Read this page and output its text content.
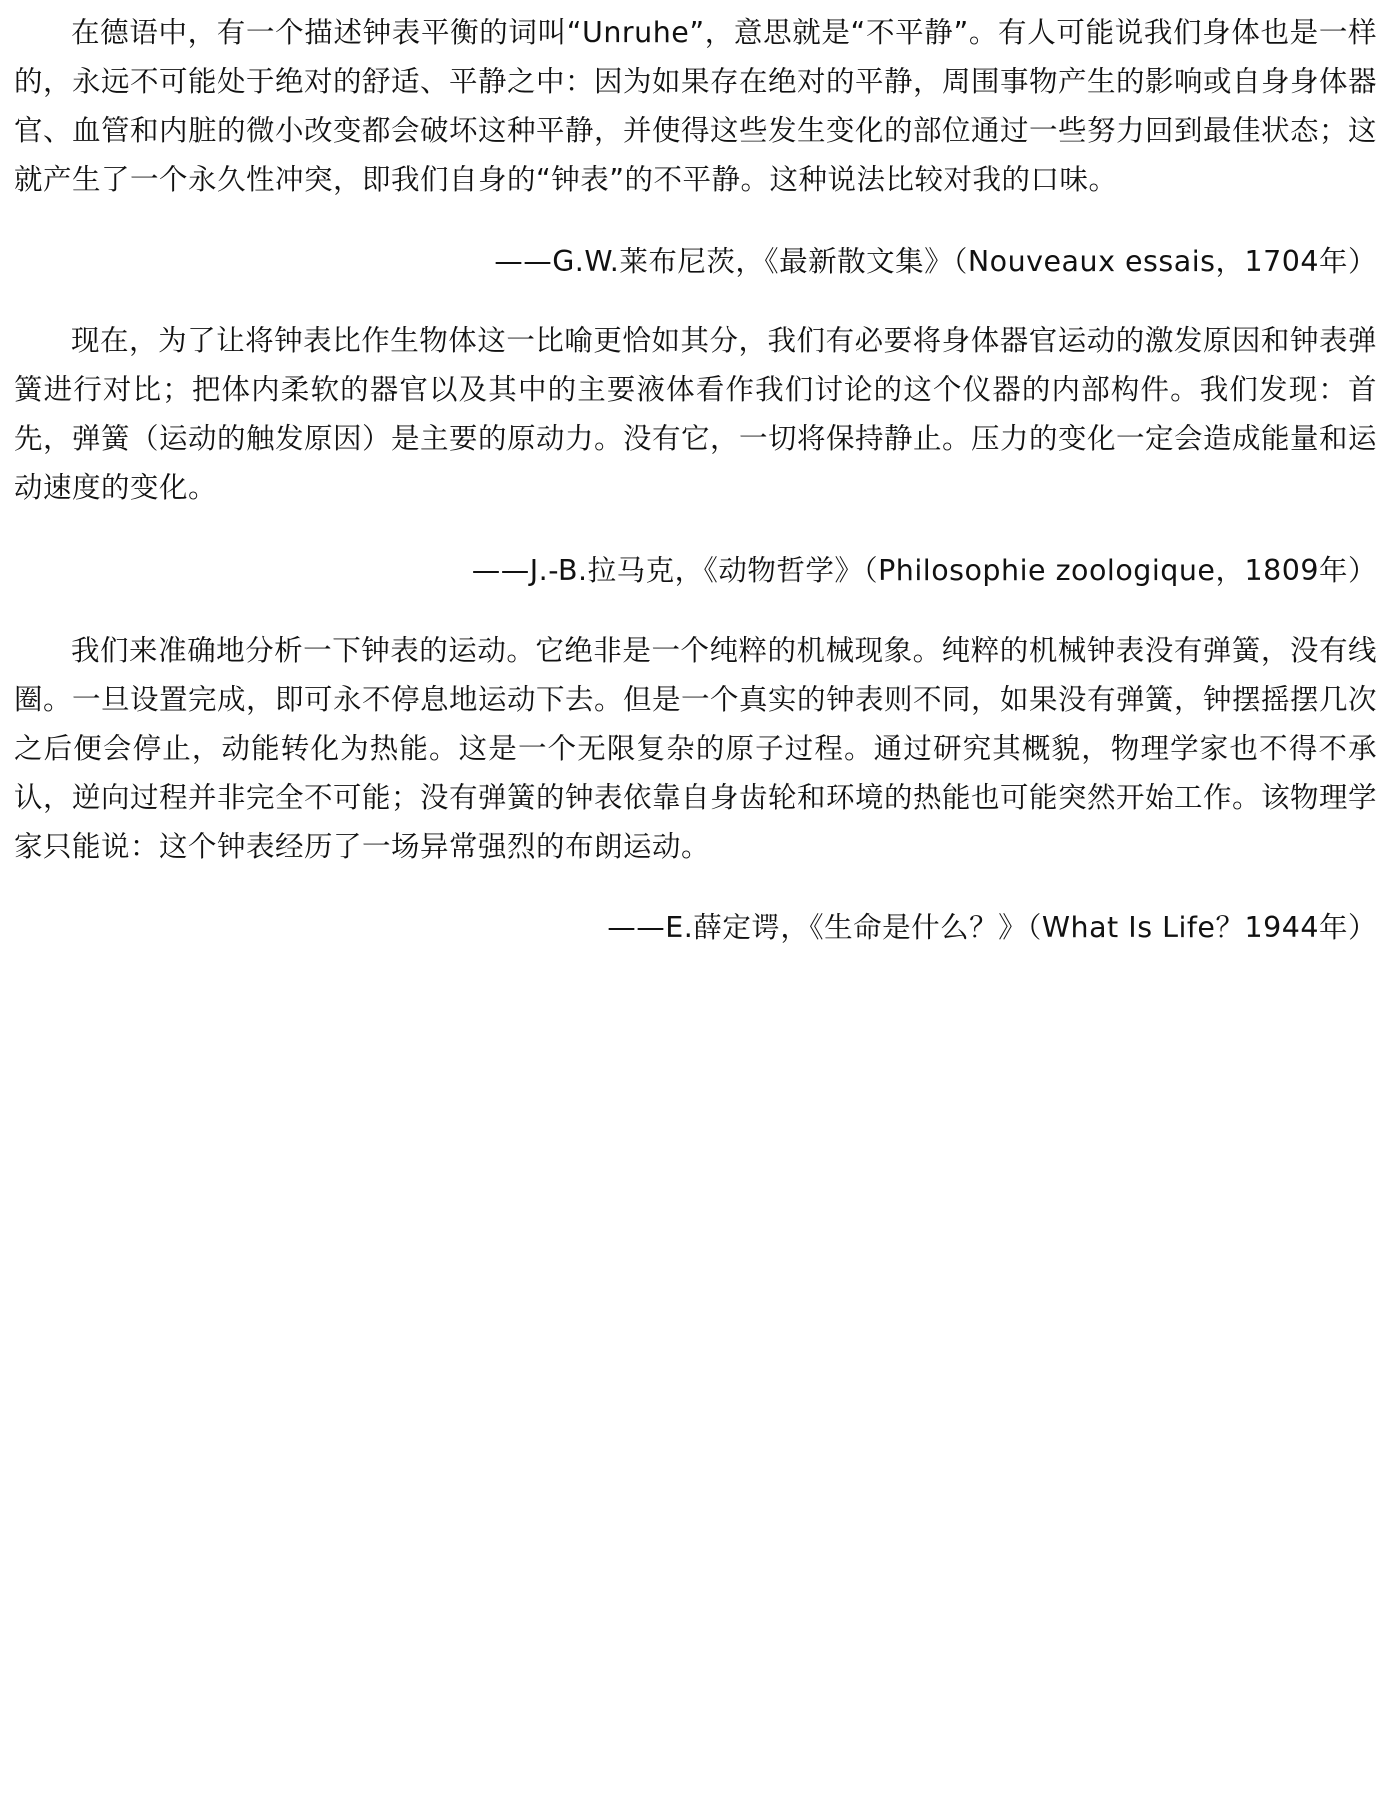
在德语中，有一个描述钟表平衡的词叫“Unruhe”，意思就是“不平静”。有人可能说我们身体也是一样的，永远不可能处于绝对的舒适、平静之中：因为如果存在绝对的平静，周围事物产生的影响或自身身体器官、血管和内脏的微小改变都会破坏这种平静，并使得这些发生变化的部位通过一些努力回到最佳状态；这就产生了一个永久性冲突，即我们自身的“钟表”的不平静。这种说法比较对我的口味。

——G.W.莱布尼茨，《最新散文集》（Nouveaux essais，1704年）

现在，为了让将钟表比作生物体这一比喻更恰如其分，我们有必要将身体器官运动的激发原因和钟表弹簧进行对比；把体内柔软的器官以及其中的主要液体看作我们讨论的这个仪器的内部构件。我们发现：首先，弹簧（运动的触发原因）是主要的原动力。没有它，一切将保持静止。压力的变化一定会造成能量和运动速度的变化。

——J.-B.拉马克，《动物哲学》（Philosophie zoologique，1809年）

我们来准确地分析一下钟表的运动。它绝非是一个纯粹的机械现象。纯粹的机械钟表没有弹簧，没有线圈。一旦设置完成，即可永不停息地运动下去。但是一个真实的钟表则不同，如果没有弹簧，钟摆摇摆几次之后便会停止，动能转化为热能。这是一个无限复杂的原子过程。通过研究其概貌，物理学家也不得不承认，逆向过程并非完全不可能；没有弹簧的钟表依靠自身齿轮和环境的热能也可能突然开始工作。该物理学家只能说：这个钟表经历了一场异常强烈的布朗运动。

——E.薛定谔，《生命是什么？》（What Is Life？1944年）
